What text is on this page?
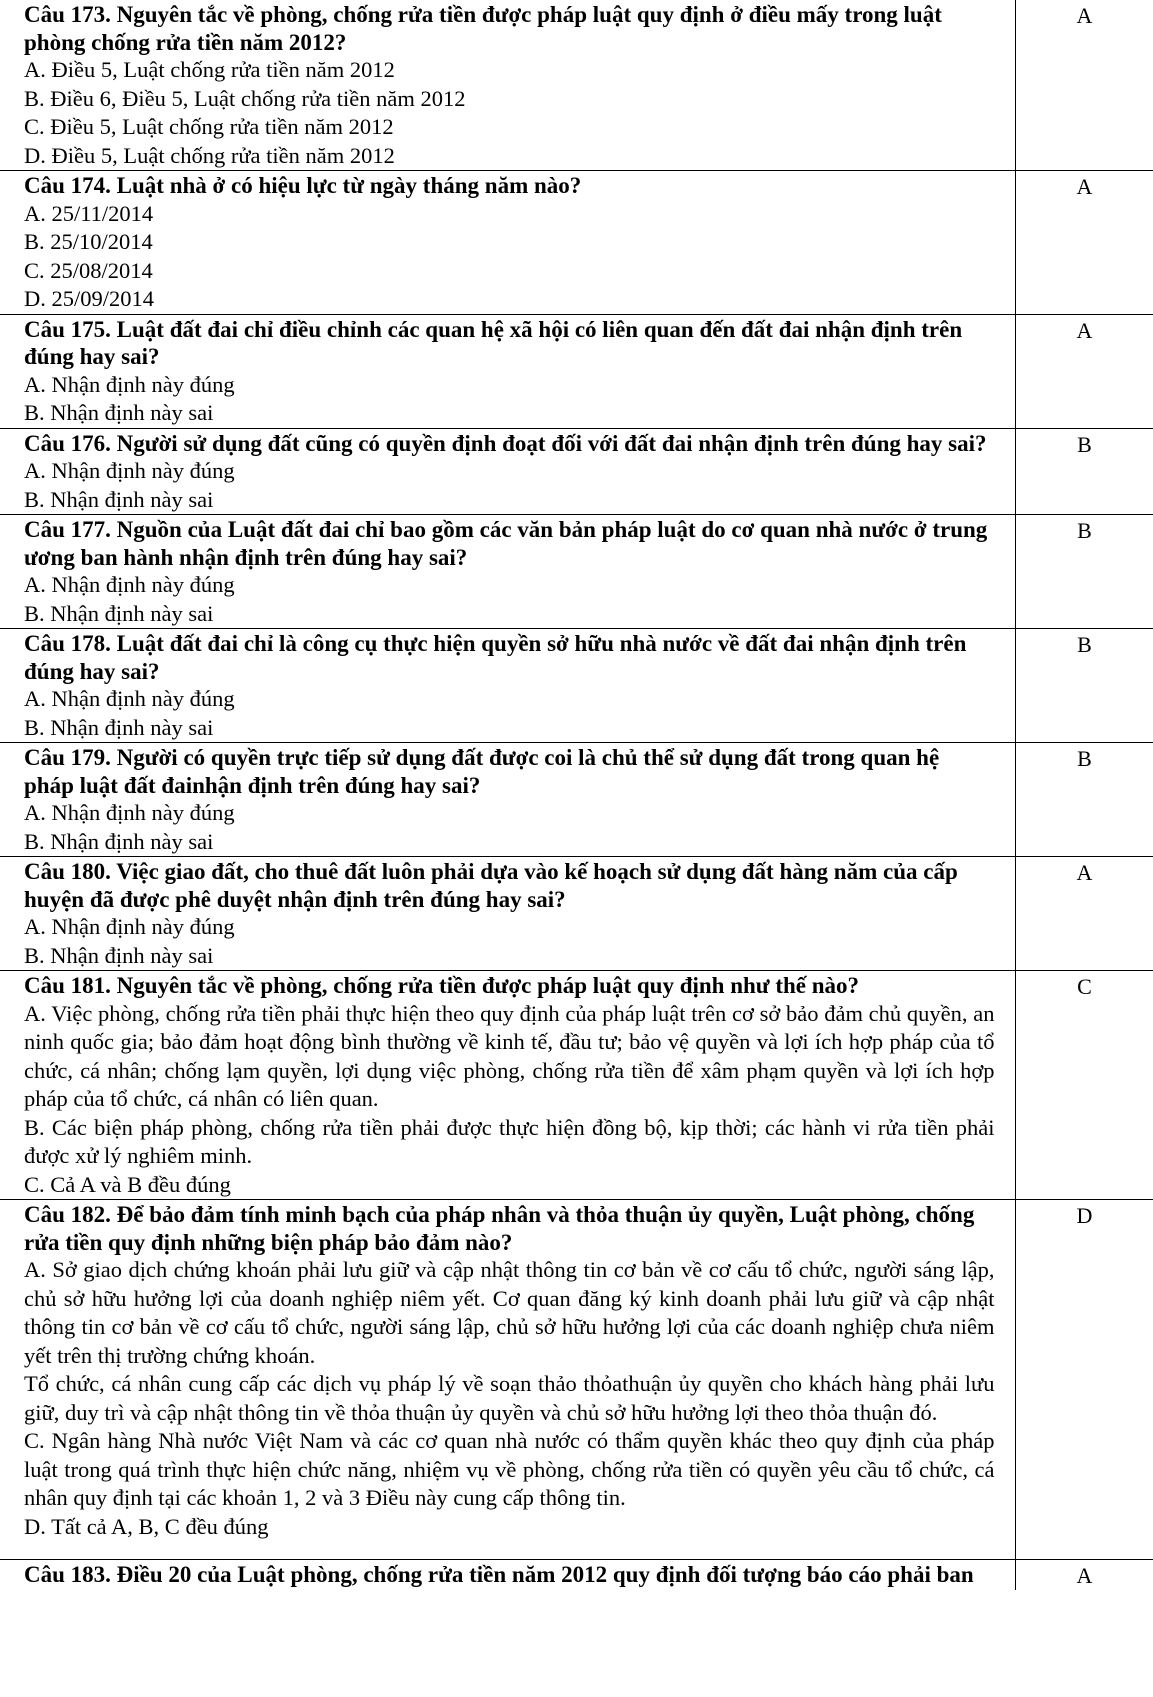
Câu 173. Nguyên tắc về phòng, chống rửa tiền được pháp luật quy định ở điều mấy trong luật phòng chống rửa tiền năm 2012?
A. Điều 5, Luật chống rửa tiền năm 2012
B. Điều 6, Điều 5, Luật chống rửa tiền năm 2012
C. Điều 5, Luật chống rửa tiền năm 2012
D. Điều 5, Luật chống rửa tiền năm 2012	A

Câu 174. Luật nhà ở có hiệu lực từ ngày tháng năm nào?
A. 25/11/2014
B. 25/10/2014
C. 25/08/2014
D. 25/09/2014	A

Câu 175. Luật đất đai chỉ điều chỉnh các quan hệ xã hội có liên quan đến đất đai nhận định trên đúng hay sai?
A. Nhận định này đúng
B. Nhận định này sai	A

Câu 176. Người sử dụng đất cũng có quyền định đoạt đối với đất đai nhận định trên đúng hay sai?
A. Nhận định này đúng
B. Nhận định này sai	B

Câu 177. Nguồn của Luật đất đai chỉ bao gồm các văn bản pháp luật do cơ quan nhà nước ở trung ương ban hành nhận định trên đúng hay sai?
A. Nhận định này đúng
B. Nhận định này sai	B

Câu 178. Luật đất đai chỉ là công cụ thực hiện quyền sở hữu nhà nước về đất đai nhận định trên đúng hay sai?
A. Nhận định này đúng
B. Nhận định này sai	B

Câu 179. Người có quyền trực tiếp sử dụng đất được coi là chủ thể sử dụng đất trong quan hệ pháp luật đất đainhận định trên đúng hay sai?
A. Nhận định này đúng
B. Nhận định này sai	B

Câu 180. Việc giao đất, cho thuê đất luôn phải dựa vào kế hoạch sử dụng đất hàng năm của cấp huyện đã được phê duyệt nhận định trên đúng hay sai?
A. Nhận định này đúng
B. Nhận định này sai	A

Câu 181. Nguyên tắc về phòng, chống rửa tiền được pháp luật quy định như thế nào?
A. Việc phòng, chống rửa tiền phải thực hiện theo quy định của pháp luật trên cơ sở bảo đảm chủ quyền, an ninh quốc gia; bảo đảm hoạt động bình thường về kinh tế, đầu tư; bảo vệ quyền và lợi ích hợp pháp của tổ chức, cá nhân; chống lạm quyền, lợi dụng việc phòng, chống rửa tiền để xâm phạm quyền và lợi ích hợp pháp của tổ chức, cá nhân có liên quan.
B. Các biện pháp phòng, chống rửa tiền phải được thực hiện đồng bộ, kịp thời; các hành vi rửa tiền phải được xử lý nghiêm minh.
C. Cả A và B đều đúng	C

Câu 182. Để bảo đảm tính minh bạch của pháp nhân và thỏa thuận ủy quyền, Luật phòng, chống rửa tiền quy định những biện pháp bảo đảm nào?
A. Sở giao dịch chứng khoán phải lưu giữ và cập nhật thông tin cơ bản về cơ cấu tổ chức, người sáng lập, chủ sở hữu hưởng lợi của doanh nghiệp niêm yết. Cơ quan đăng ký kinh doanh phải lưu giữ và cập nhật thông tin cơ bản về cơ cấu tổ chức, người sáng lập, chủ sở hữu hưởng lợi của các doanh nghiệp chưa niêm yết trên thị trường chứng khoán.
Tổ chức, cá nhân cung cấp các dịch vụ pháp lý về soạn thảo thỏathuận ủy quyền cho khách hàng phải lưu giữ, duy trì và cập nhật thông tin về thỏa thuận ủy quyền và chủ sở hữu hưởng lợi theo thỏa thuận đó.
C. Ngân hàng Nhà nước Việt Nam và các cơ quan nhà nước có thẩm quyền khác theo quy định của pháp luật trong quá trình thực hiện chức năng, nhiệm vụ về phòng, chống rửa tiền có quyền yêu cầu tổ chức, cá nhân quy định tại các khoản 1, 2 và 3 Điều này cung cấp thông tin.
D. Tất cả A, B, C đều đúng	D

Câu 183. Điều 20 của Luật phòng, chống rửa tiền năm 2012 quy định đối tượng báo cáo phải ban	A
